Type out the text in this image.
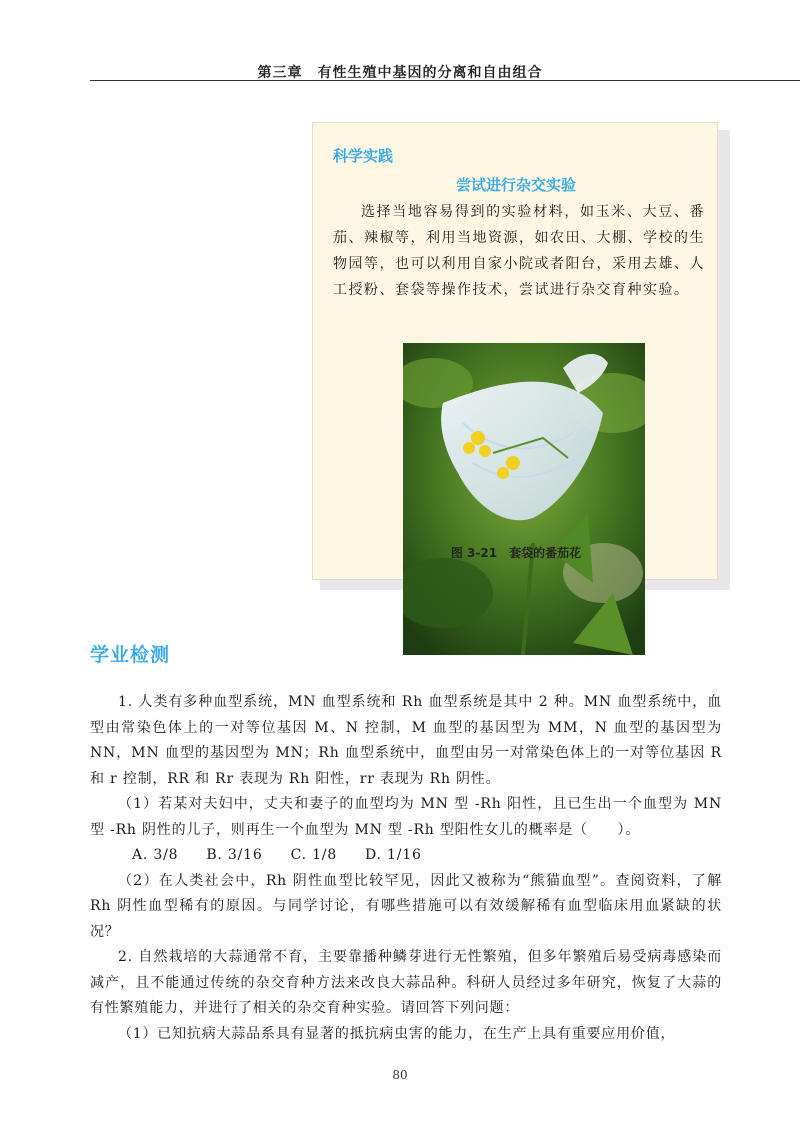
第三章　有性生殖中基因的分离和自由组合
科学实践
尝试进行杂交实验

选择当地容易得到的实验材料，如玉米、大豆、番茄、辣椒等，利用当地资源，如农田、大棚、学校的生物园等，也可以利用自家小院或者阳台，采用去雄、人工授粉、套袋等操作技术，尝试进行杂交育种实验。

图 3-21 套袋的番茄花
学业检测

1. 人类有多种血型系统，MN 血型系统和 Rh 血型系统是其中 2 种。MN 血型系统中，血型由常染色体上的一对等位基因 M、N 控制，M 血型的基因型为 MM，N 血型的基因型为 NN，MN 血型的基因型为 MN；Rh 血型系统中，血型由另一对常染色体上的一对等位基因 R 和 r 控制，RR 和 Rr 表现为 Rh 阳性，rr 表现为 Rh 阴性。

（1）若某对夫妇中，丈夫和妻子的血型均为 MN 型 -Rh 阳性，且已生出一个血型为 MN 型 -Rh 阴性的儿子，则再生一个血型为 MN 型 -Rh 型阳性女儿的概率是（　　）。

A. 3/8 B. 3/16 C. 1/8 D. 1/16

（2）在人类社会中，Rh 阴性血型比较罕见，因此又被称为“熊猫血型”。查阅资料，了解 Rh 阴性血型稀有的原因。与同学讨论，有哪些措施可以有效缓解稀有血型临床用血紧缺的状况？

2. 自然栽培的大蒜通常不育，主要靠播种鳞芽进行无性繁殖，但多年繁殖后易受病毒感染而减产，且不能通过传统的杂交育种方法来改良大蒜品种。科研人员经过多年研究，恢复了大蒜的有性繁殖能力，并进行了相关的杂交育种实验。请回答下列问题：

（1）已知抗病大蒜品系具有显著的抵抗病虫害的能力，在生产上具有重要应用价值，

80
